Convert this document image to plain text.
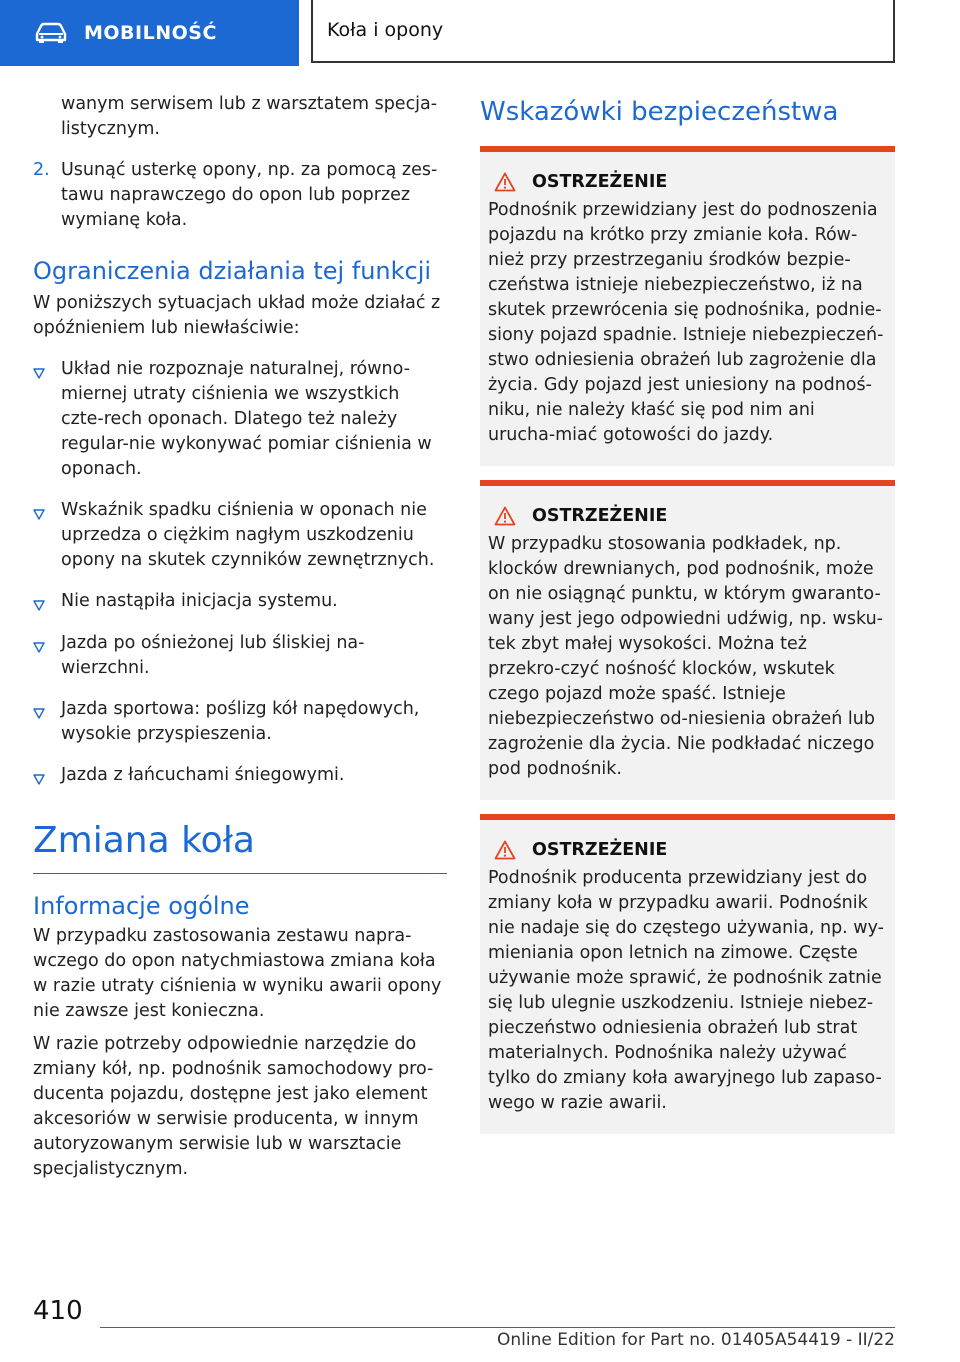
MOBILNOŚĆ	Koła i opony

wanym serwisem lub z warsztatem specja-listycznym.

2. Usunąć usterkę opony, np. za pomocą zes-tawu naprawczego do opon lub poprzez wymianę koła.

Ograniczenia działania tej funkcji

W poniższych sytuacjach układ może działać z opóźnieniem lub niewłaściwie:

Układ nie rozpoznaje naturalnej, równo-miernej utraty ciśnienia we wszystkich czte-rech oponach. Dlatego też należy regular-nie wykonywać pomiar ciśnienia w oponach.

Wskaźnik spadku ciśnienia w oponach nie uprzedza o ciężkim nagłym uszkodzeniu opony na skutek czynników zewnętrznych.

Nie nastąpiła inicjacja systemu.

Jazda po ośnieżonej lub śliskiej na-wierzchni.

Jazda sportowa: poślizg kół napędowych, wysokie przyspieszenia.

Jazda z łańcuchami śniegowymi.

Zmiana koła
Informacje ogólne

W przypadku zastosowania zestawu napra-wczego do opon natychmiastowa zmiana koła w razie utraty ciśnienia w wyniku awarii opony nie zawsze jest konieczna.

W razie potrzeby odpowiednie narzędzie do zmiany kół, np. podnośnik samochodowy pro-ducenta pojazdu, dostępne jest jako element akcesoriów w serwisie producenta, w innym autoryzowanym serwisie lub w warsztacie specjalistycznym.

Wskazówki bezpieczeństwa
OSTRZEŻENIE

Podnośnik przewidziany jest do podnoszenia pojazdu na krótko przy zmianie koła. Rów-nież przy przestrzeganiu środków bezpie-czeństwa istnieje niebezpieczeństwo, iż na skutek przewrócenia się podnośnika, podnie-siony pojazd spadnie. Istnieje niebezpieczeń-stwo odniesienia obrażeń lub zagrożenie dla życia. Gdy pojazd jest uniesiony na podnoś-niku, nie należy kłaść się pod nim ani urucha-miać gotowości do jazdy.

OSTRZEŻENIE

W przypadku stosowania podkładek, np. klocków drewnianych, pod podnośnik, może on nie osiągnąć punktu, w którym gwaranto-wany jest jego odpowiedni udźwig, np. wsku-tek zbyt małej wysokości. Można też przekro-czyć nośność klocków, wskutek czego pojazd może spaść. Istnieje niebezpieczeństwo od-niesienia obrażeń lub zagrożenie dla życia. Nie podkładać niczego pod podnośnik.

OSTRZEŻENIE

Podnośnik producenta przewidziany jest do zmiany koła w przypadku awarii. Podnośnik nie nadaje się do częstego używania, np. wy-mieniania opon letnich na zimowe. Częste używanie może sprawić, że podnośnik zatnie się lub ulegnie uszkodzeniu. Istnieje niebez-pieczeństwo odniesienia obrażeń lub strat materialnych. Podnośnika należy używać tylko do zmiany koła awaryjnego lub zapaso-wego w razie awarii.

410
Online Edition for Part no. 01405A54419 - II/22
